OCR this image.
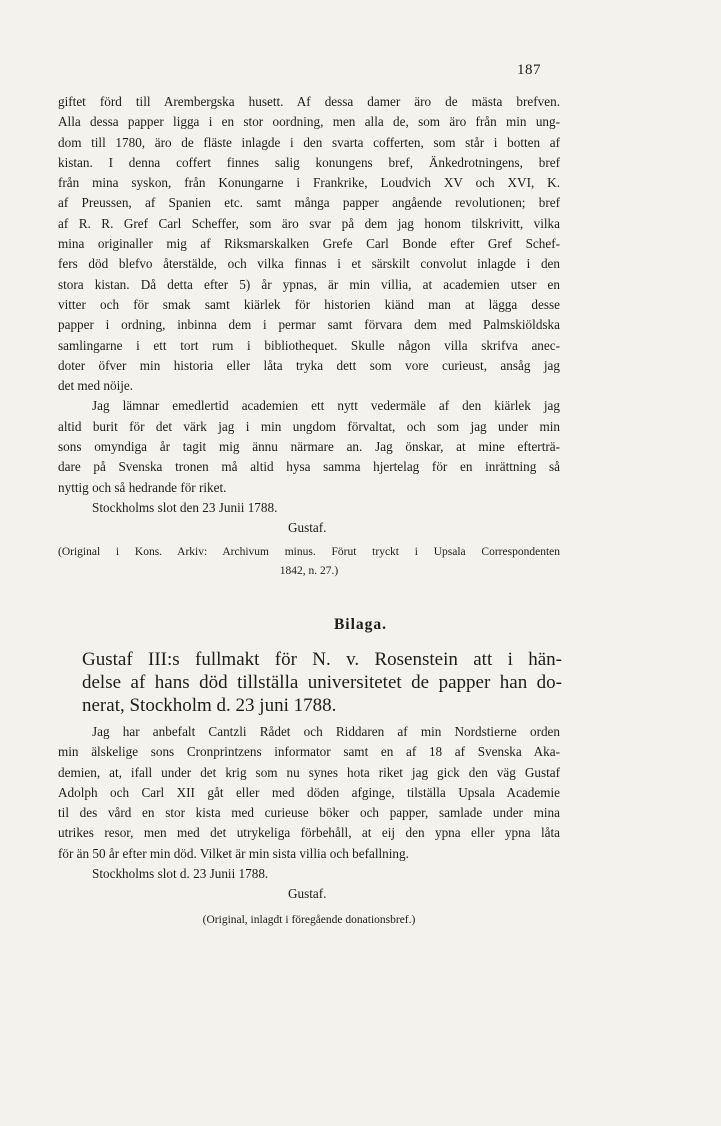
187
giftet förd till Arembergska husett. Af dessa damer äro de mästa brefven.
Alla dessa papper ligga i en stor oordning, men alla de, som äro från min ung-
dom till 1780, äro de fläste inlagde i den svarta cofferten, som står i botten af
kistan. I denna coffert finnes salig konungens bref, Änkedrotningens, bref
från mina syskon, från Konungarne i Frankrike, Loudvich XV och XVI, K.
af Preussen, af Spanien etc. samt många papper angående revolutionen; bref
af R. R. Gref Carl Scheffer, som äro svar på dem jag honom tilskrivitt, vilka
mina originaller mig af Riksmarskalken Grefe Carl Bonde efter Gref Schef-
fers död blefvo återstälde, och vilka finnas i et särskilt convolut inlagde i den
stora kistan. Då detta efter 5) år ypnas, är min villia, at academien utser en
vitter och för smak samt kiärlek för historien kiänd man at lägga desse
papper i ordning, inbinna dem i permar samt förvara dem med Palmskiöldska
samlingarne i ett tort rum i bibliothequet. Skulle någon villa skrifva anec-
doter öfver min historia eller låta tryka dett som vore curieust, ansåg jag
det med nöije.
Jag lämnar emedlertid academien ett nytt vedermäle af den kiärlek jag
altid burit för det värk jag i min ungdom förvaltat, och som jag under min
sons omyndiga år tagit mig ännu närmare an. Jag önskar, at mine efterträ-
dare på Svenska tronen må altid hysa samma hjertelag för en inrättning så
nyttig och så hedrande för riket.
Stockholms slot den 23 Junii 1788.
Gustaf.
(Original i Kons. Arkiv: Archivum minus. Förut tryckt i Upsala Correspondenten
1842, n. 27.)
Bilaga.
Gustaf III:s fullmakt för N. v. Rosenstein att i hän-
delse af hans död tillställa universitetet de papper han do-
nerat, Stockholm d. 23 juni 1788.
Jag har anbefalt Cantzli Rådet och Riddaren af min Nordstierne orden
min älskelige sons Cronprintzens informator samt en af 18 af Svenska Aka-
demien, at, ifall under det krig som nu synes hota riket jag gick den väg Gustaf
Adolph och Carl XII gåt eller med döden afginge, tilställa Upsala Academie
til des vård en stor kista med curieuse böker och papper, samlade under mina
utrikes resor, men med det utrykeliga förbehåll, at eij den ypna eller ypna låta
för än 50 år efter min död. Vilket är min sista villia och befallning.
Stockholms slot d. 23 Junii 1788.
Gustaf.
(Original, inlagdt i föregående donationsbref.)
